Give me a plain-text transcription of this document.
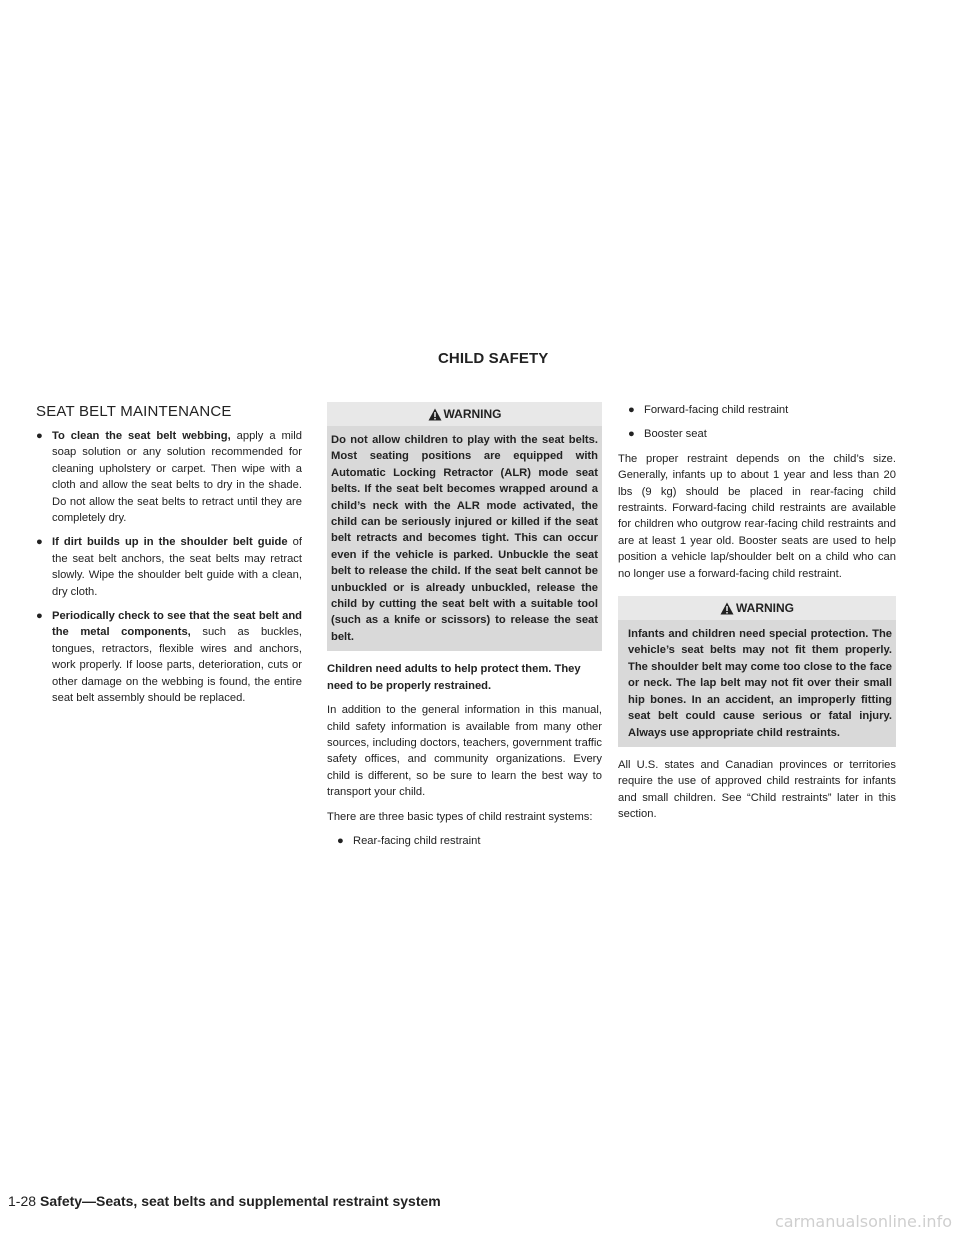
CHILD SAFETY
SEAT BELT MAINTENANCE
● To clean the seat belt webbing, apply a mild soap solution or any solution recommended for cleaning upholstery or carpet. Then wipe with a cloth and allow the seat belts to dry in the shade. Do not allow the seat belts to retract until they are completely dry.
● If dirt builds up in the shoulder belt guide of the seat belt anchors, the seat belts may retract slowly. Wipe the shoulder belt guide with a clean, dry cloth.
● Periodically check to see that the seat belt and the metal components, such as buckles, tongues, retractors, flexible wires and anchors, work properly. If loose parts, deterioration, cuts or other damage on the webbing is found, the entire seat belt assembly should be replaced.
WARNING
Do not allow children to play with the seat belts. Most seating positions are equipped with Automatic Locking Retractor (ALR) mode seat belts. If the seat belt becomes wrapped around a child’s neck with the ALR mode activated, the child can be seriously injured or killed if the seat belt retracts and becomes tight. This can occur even if the vehicle is parked. Unbuckle the seat belt to release the child. If the seat belt cannot be unbuckled or is already unbuckled, release the child by cutting the seat belt with a suitable tool (such as a knife or scissors) to release the seat belt.
Children need adults to help protect them. They need to be properly restrained.

In addition to the general information in this manual, child safety information is available from many other sources, including doctors, teachers, government traffic safety offices, and community organizations. Every child is different, so be sure to learn the best way to transport your child.

There are three basic types of child restraint systems:

● Rear-facing child restraint
● Forward-facing child restraint
● Booster seat

The proper restraint depends on the child’s size. Generally, infants up to about 1 year and less than 20 lbs (9 kg) should be placed in rear-facing child restraints. Forward-facing child restraints are available for children who outgrow rear-facing child restraints and are at least 1 year old. Booster seats are used to help position a vehicle lap/shoulder belt on a child who can no longer use a forward-facing child restraint.

WARNING
Infants and children need special protection. The vehicle’s seat belts may not fit them properly. The shoulder belt may come too close to the face or neck. The lap belt may not fit over their small hip bones. In an accident, an improperly fitting seat belt could cause serious or fatal injury. Always use appropriate child restraints.

All U.S. states and Canadian provinces or territories require the use of approved child restraints for infants and small children. See “Child restraints” later in this section.

1-28 Safety—Seats, seat belts and supplemental restraint system
carmanualsonline.info
